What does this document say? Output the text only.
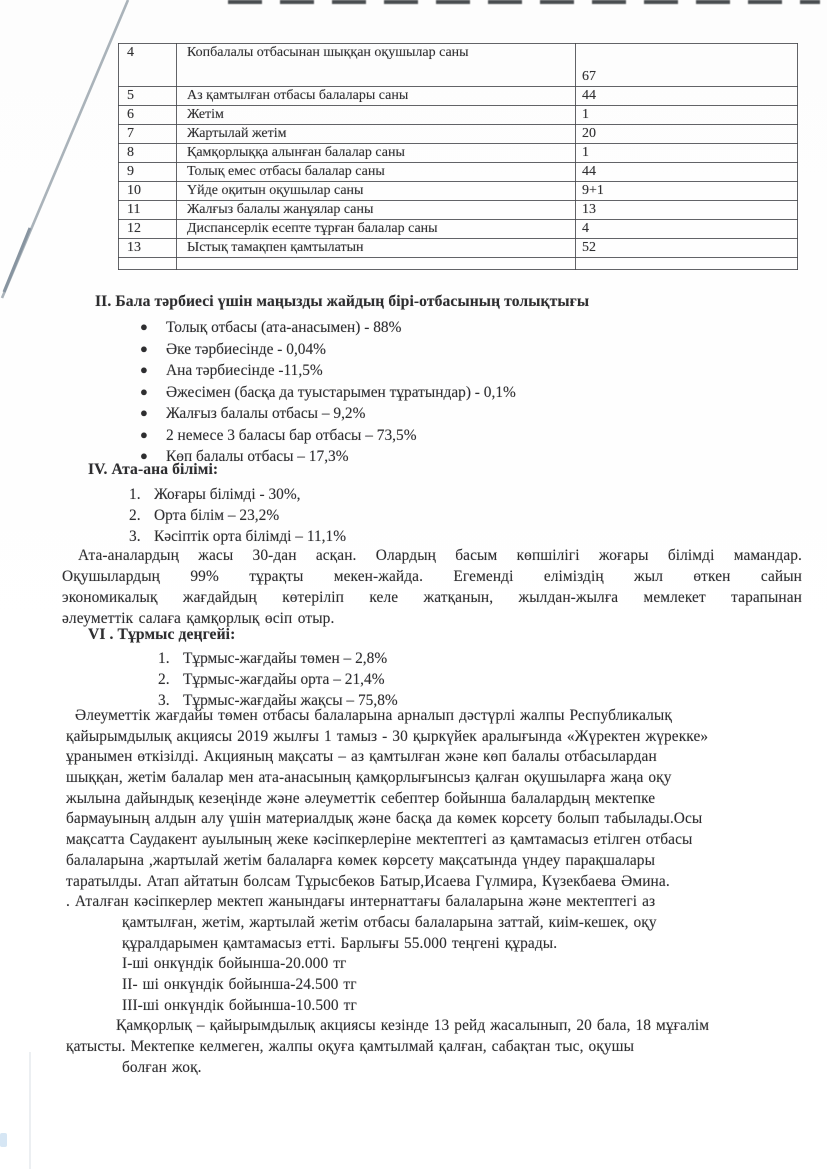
4	Копбалалы отбасынан шыққан оқушылар саны	67
5	Аз қамтылған отбасы балалары саны	44
6	Жетім	1
7	Жартылай жетім	20
8	Қамқорлыққа алынған балалар саны	1
9	Толық емес отбасы балалар саны	44
10	Үйде оқитын оқушылар саны	9+1
11	Жалғыз балалы жанұялар саны	13
12	Диспансерлік есепте тұрған балалар саны	4
13	Ыстық тамақпен қамтылатын	52

ІІ. Бала тәрбиесі үшін маңызды жайдың бірі-отбасының толықтығы
● Толық отбасы (ата-анасымен) - 88%
● Әке тәрбиесінде - 0,04%
● Ана тәрбиесінде -11,5%
● Әжесімен (басқа да туыстарымен тұратындар) - 0,1%
● Жалғыз балалы отбасы – 9,2%
● 2 немесе 3 баласы бар отбасы – 73,5%
● Көп балалы отбасы – 17,3%
ІV. Ата-ана білімі:
1. Жоғары білімді - 30%,
2. Орта білім – 23,2%
3. Кәсіптік орта білімді – 11,1%
Ата-аналардың жасы 30-дан асқан. Олардың басым көпшілігі жоғары білімді мамандар.
Оқушылардың 99% тұрақты мекен-жайда. Егеменді еліміздің жыл өткен сайын
экономикалық жағдайдың көтеріліп келе жатқанын, жылдан-жылға мемлекет тарапынан
әлеуметтік салаға қамқорлық өсіп отыр.
VІ . Тұрмыс деңгейі:
1. Тұрмыс-жағдайы төмен – 2,8%
2. Тұрмыс-жағдайы орта – 21,4%
3. Тұрмыс-жағдайы жақсы – 75,8%
Әлеуметтік жағдайы төмен отбасы балаларына арналып дәстүрлі жалпы Республикалық
қайырымдылық акциясы 2019 жылғы 1 тамыз - 30 қыркүйек аралығында «Жүректен жүрекке»
ұранымен өткізілді. Акцияның мақсаты – аз қамтылған және көп балалы отбасылардан
шыққан, жетім балалар мен ата-анасының қамқорлығынсыз қалған оқушыларға жаңа оқу
жылына дайындық кезеңінде және әлеуметтік себептер бойынша балалардың мектепке
бармауының алдын алу үшін материалдық және басқа да көмек корсету болып табылады.Осы
мақсатта Саудакент ауылының жеке кәсіпкерлеріне мектептегі аз қамтамасыз етілген отбасы
балаларына ,жартылай жетім балаларға көмек көрсету мақсатында үндеу парақшалары
таратылды. Атап айтатын болсам Тұрысбеков Батыр,Исаева Гүлмира, Күзекбаева Әмина.
. Аталған кәсіпкерлер мектеп жанындағы интернаттағы балаларына және мектептегі аз
қамтылған, жетім, жартылай жетім отбасы балаларына заттай, киім-кешек, оқу
құралдарымен қамтамасыз етті. Барлығы 55.000 теңгені құрады.
І-ші онкүндік бойынша-20.000 тг
ІІ- ші онкүндік бойынша-24.500 тг
ІІІ-ші онкүндік бойынша-10.500 тг
Қамқорлық – қайырымдылық акциясы кезінде 13 рейд жасалынып, 20 бала, 18 мұғалім
қатысты. Мектепке келмеген, жалпы оқуға қамтылмай қалған, сабақтан тыс, оқушы
болған жоқ.
